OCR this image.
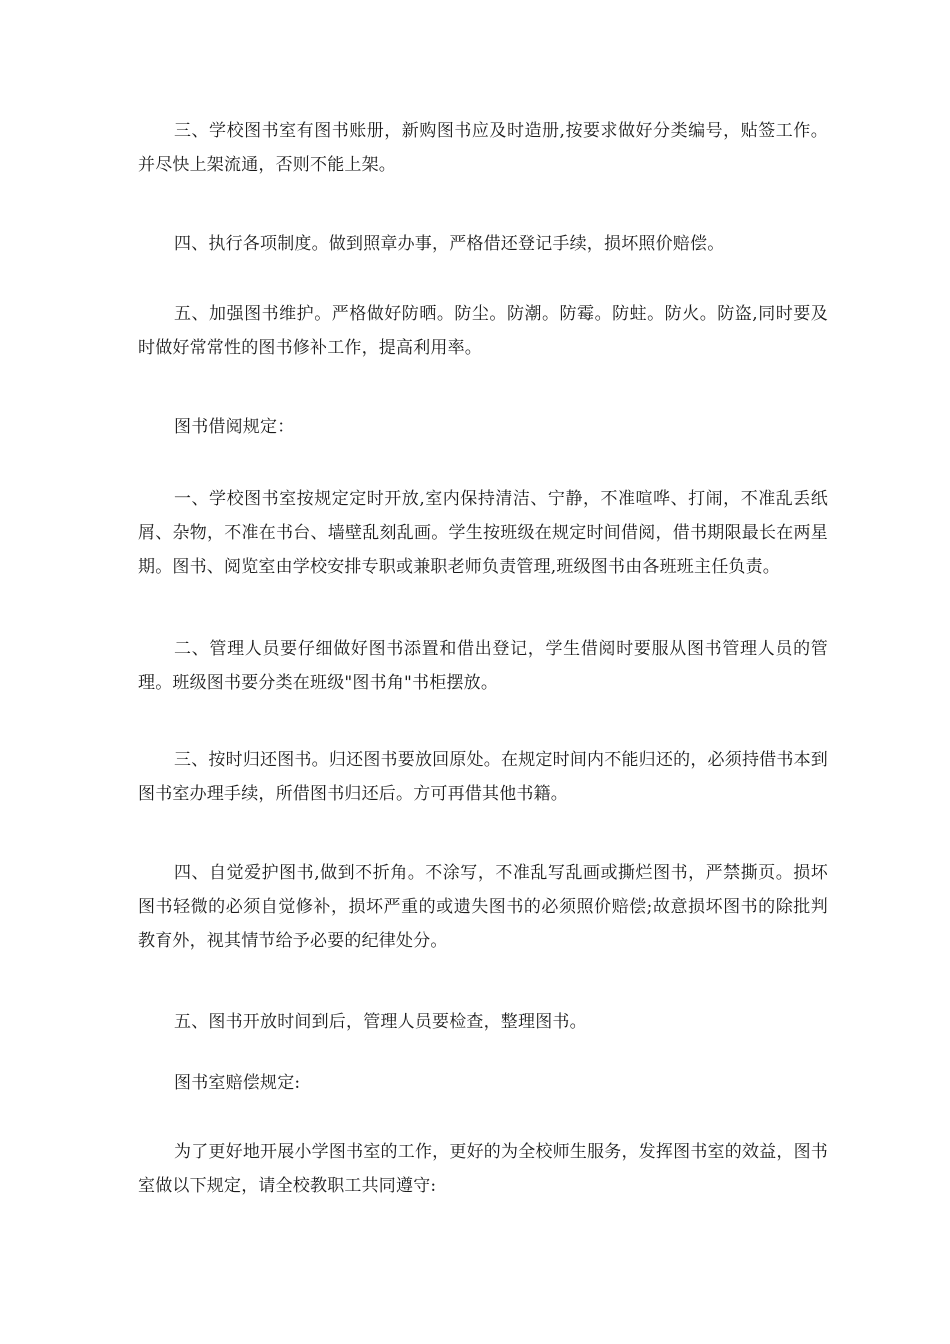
三、学校图书室有图书账册，新购图书应及时造册,按要求做好分类编号，贴签工作。并尽快上架流通，否则不能上架。

四、执行各项制度。做到照章办事，严格借还登记手续，损坏照价赔偿。

五、加强图书维护。严格做好防晒。防尘。防潮。防霉。防蛀。防火。防盗,同时要及时做好常常性的图书修补工作，提高利用率。

图书借阅规定：

一、学校图书室按规定定时开放,室内保持清洁、宁静，不准喧哗、打闹，不准乱丢纸屑、杂物，不准在书台、墙壁乱刻乱画。学生按班级在规定时间借阅，借书期限最长在两星期。图书、阅览室由学校安排专职或兼职老师负责管理,班级图书由各班班主任负责。

二、管理人员要仔细做好图书添置和借出登记，学生借阅时要服从图书管理人员的管理。班级图书要分类在班级"图书角"书柜摆放。

三、按时归还图书。归还图书要放回原处。在规定时间内不能归还的，必须持借书本到图书室办理手续，所借图书归还后。方可再借其他书籍。

四、自觉爱护图书,做到不折角。不涂写，不准乱写乱画或撕烂图书，严禁撕页。损坏图书轻微的必须自觉修补，损坏严重的或遗失图书的必须照价赔偿;故意损坏图书的除批判教育外，视其情节给予必要的纪律处分。

五、图书开放时间到后，管理人员要检查，整理图书。

图书室赔偿规定:

为了更好地开展小学图书室的工作，更好的为全校师生服务，发挥图书室的效益，图书室做以下规定，请全校教职工共同遵守:
